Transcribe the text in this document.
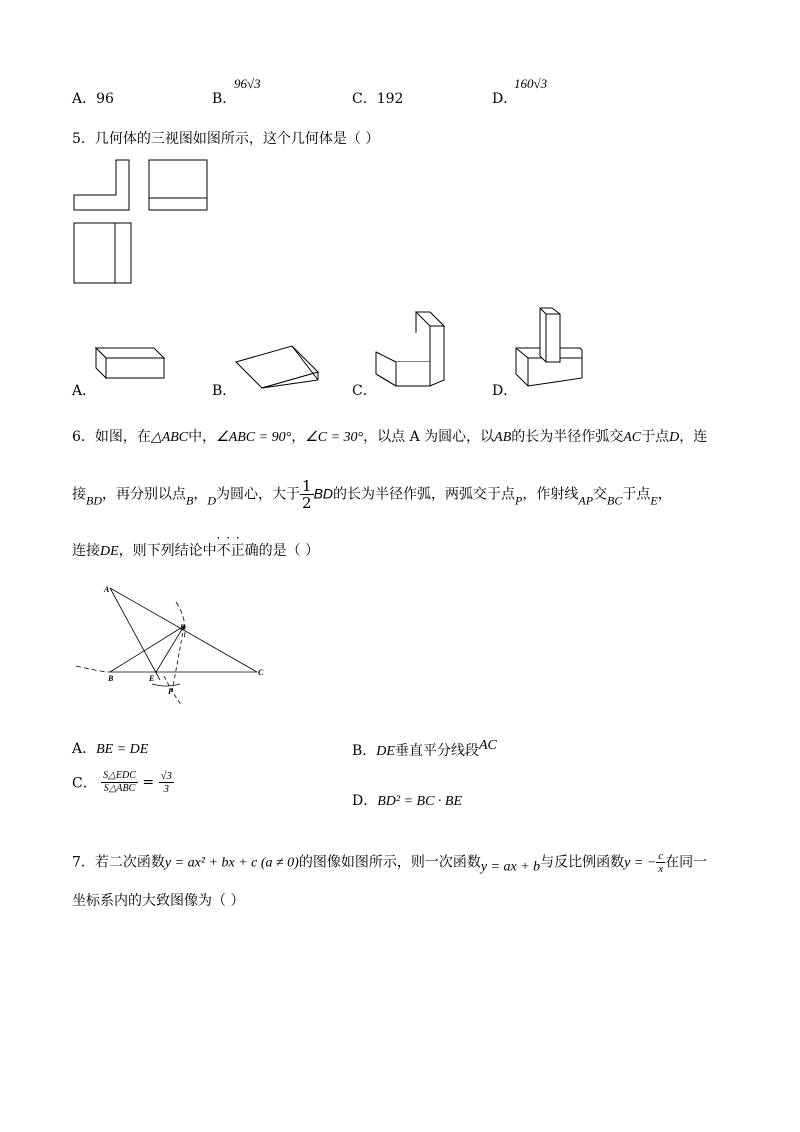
A．96	B．
96√3
C．192	D．
160√3
5．几何体的三视图如图所示，这个几何体是（ ）
A．	B．	C．	D．
6．如图，在△ABC中，∠ABC = 90°，∠C = 30°，以点 A 为圆心，以AB的长为半径作弧交AC于点D，连
接BD，再分别以点B，D为圆心，大于 $\frac{1}{2}$ BD的长为半径作弧，两弧交于点P，作射线AP交BC于点E，
连接DE，则下列结论中· · · 不正确的是（ ）
A
B
C
D
E
P
A．BE = DE	B．DE垂直平分线段AC
C． $\frac{\text{S△EDC}}{\text{S△ABC}} = \frac{√3}{3}$
D．BD² = BC · BE
7．若二次函数y = ax² + bx + c (a ≠ 0)的图像如图所示，则一次函数y = ax + b与反比例函数y = − $\frac{c}{x}$ 在同一
坐标系内的大致图像为（ ）
